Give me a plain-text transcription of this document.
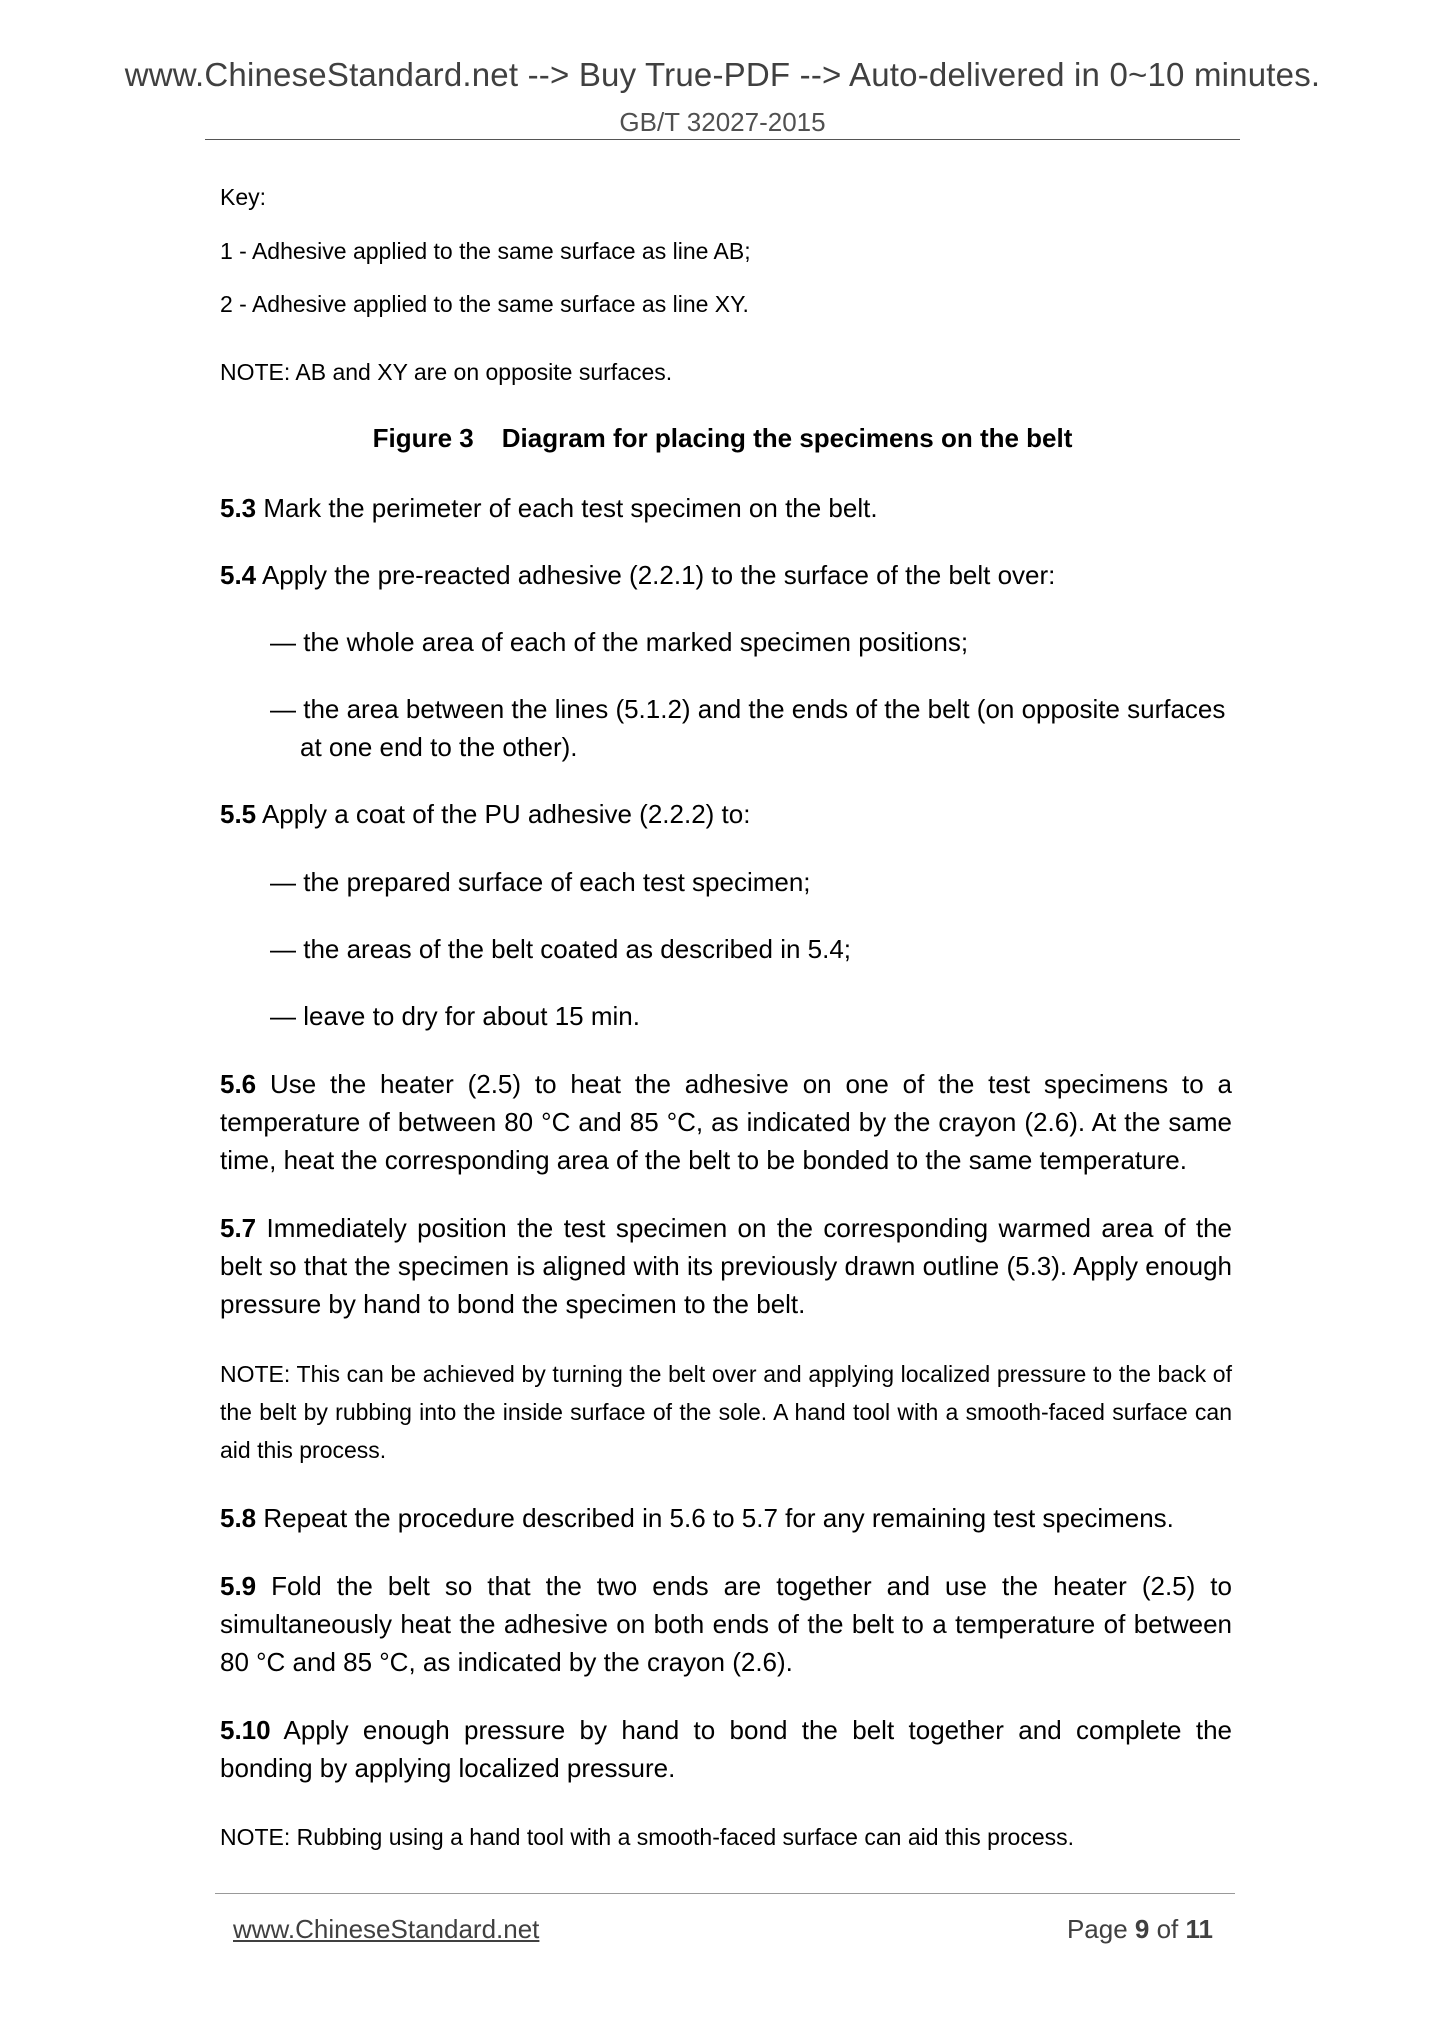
www.ChineseStandard.net --> Buy True-PDF --> Auto-delivered in 0~10 minutes.
GB/T 32027-2015
Key:
1 - Adhesive applied to the same surface as line AB;
2 - Adhesive applied to the same surface as line XY.
NOTE: AB and XY are on opposite surfaces.
Figure 3 Diagram for placing the specimens on the belt
5.3 Mark the perimeter of each test specimen on the belt.
5.4 Apply the pre-reacted adhesive (2.2.1) to the surface of the belt over:
— the whole area of each of the marked specimen positions;
— the area between the lines (5.1.2) and the ends of the belt (on opposite surfaces at one end to the other).
5.5 Apply a coat of the PU adhesive (2.2.2) to:
— the prepared surface of each test specimen;
— the areas of the belt coated as described in 5.4;
— leave to dry for about 15 min.
5.6 Use the heater (2.5) to heat the adhesive on one of the test specimens to a temperature of between 80 °C and 85 °C, as indicated by the crayon (2.6). At the same time, heat the corresponding area of the belt to be bonded to the same temperature.
5.7 Immediately position the test specimen on the corresponding warmed area of the belt so that the specimen is aligned with its previously drawn outline (5.3). Apply enough pressure by hand to bond the specimen to the belt.
NOTE: This can be achieved by turning the belt over and applying localized pressure to the back of the belt by rubbing into the inside surface of the sole. A hand tool with a smooth-faced surface can aid this process.
5.8 Repeat the procedure described in 5.6 to 5.7 for any remaining test specimens.
5.9 Fold the belt so that the two ends are together and use the heater (2.5) to simultaneously heat the adhesive on both ends of the belt to a temperature of between 80 °C and 85 °C, as indicated by the crayon (2.6).
5.10 Apply enough pressure by hand to bond the belt together and complete the bonding by applying localized pressure.
NOTE: Rubbing using a hand tool with a smooth-faced surface can aid this process.
www.ChineseStandard.net	Page 9 of 11
